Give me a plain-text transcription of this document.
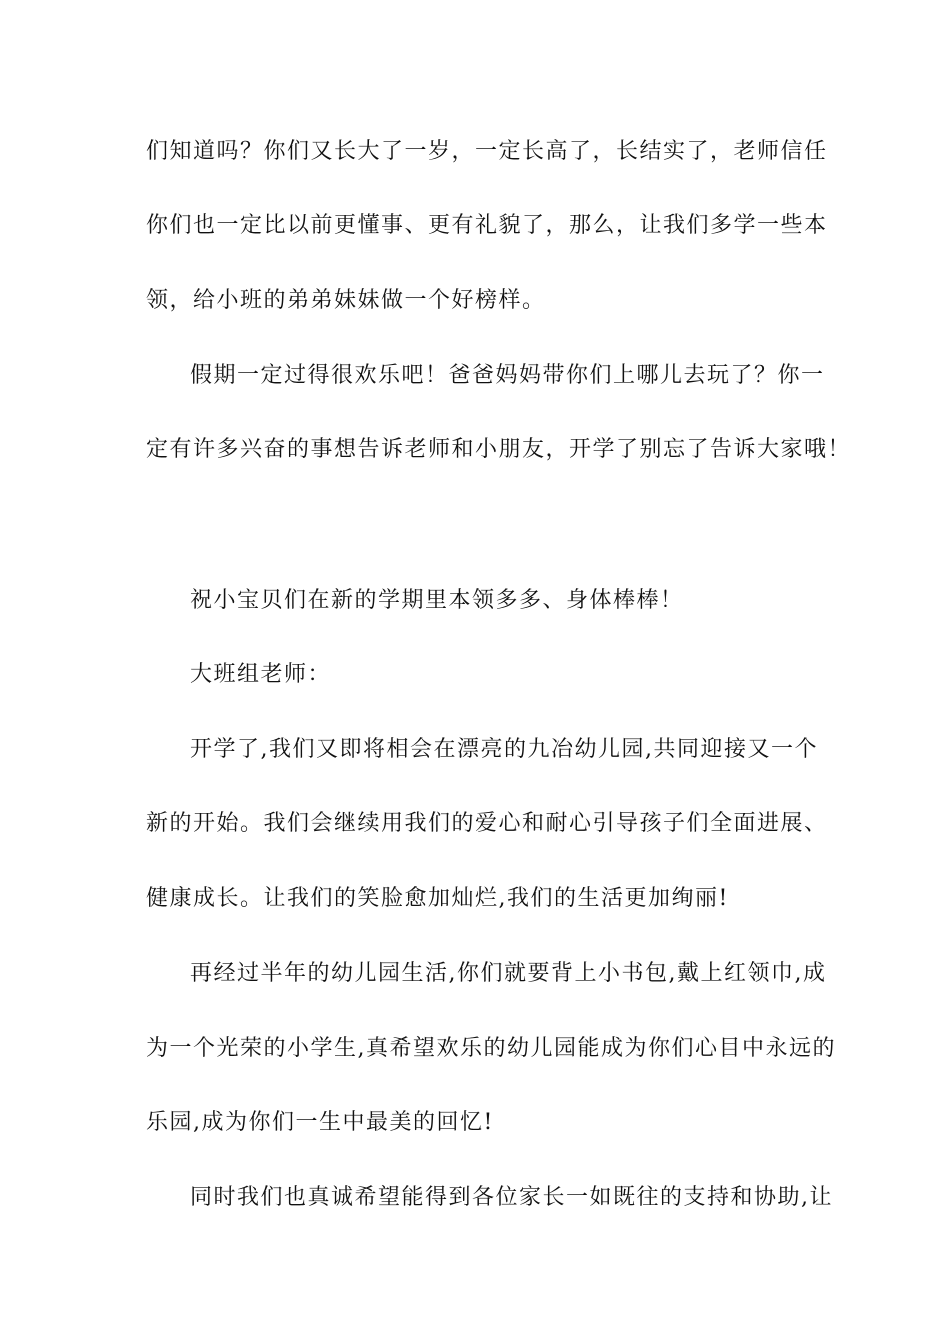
们知道吗？你们又长大了一岁，一定长高了，长结实了，老师信任
你们也一定比以前更懂事、更有礼貌了，那么，让我们多学一些本
领，给小班的弟弟妹妹做一个好榜样。
假期一定过得很欢乐吧！爸爸妈妈带你们上哪儿去玩了？你一
定有许多兴奋的事想告诉老师和小朋友，开学了别忘了告诉大家哦！
祝小宝贝们在新的学期里本领多多、身体棒棒！
大班组老师：
开学了,我们又即将相会在漂亮的九冶幼儿园,共同迎接又一个
新的开始。我们会继续用我们的爱心和耐心引导孩子们全面进展、
健康成长。让我们的笑脸愈加灿烂,我们的生活更加绚丽!
再经过半年的幼儿园生活,你们就要背上小书包,戴上红领巾,成
为一个光荣的小学生,真希望欢乐的幼儿园能成为你们心目中永远的
乐园,成为你们一生中最美的回忆!
同时我们也真诚希望能得到各位家长一如既往的支持和协助,让
